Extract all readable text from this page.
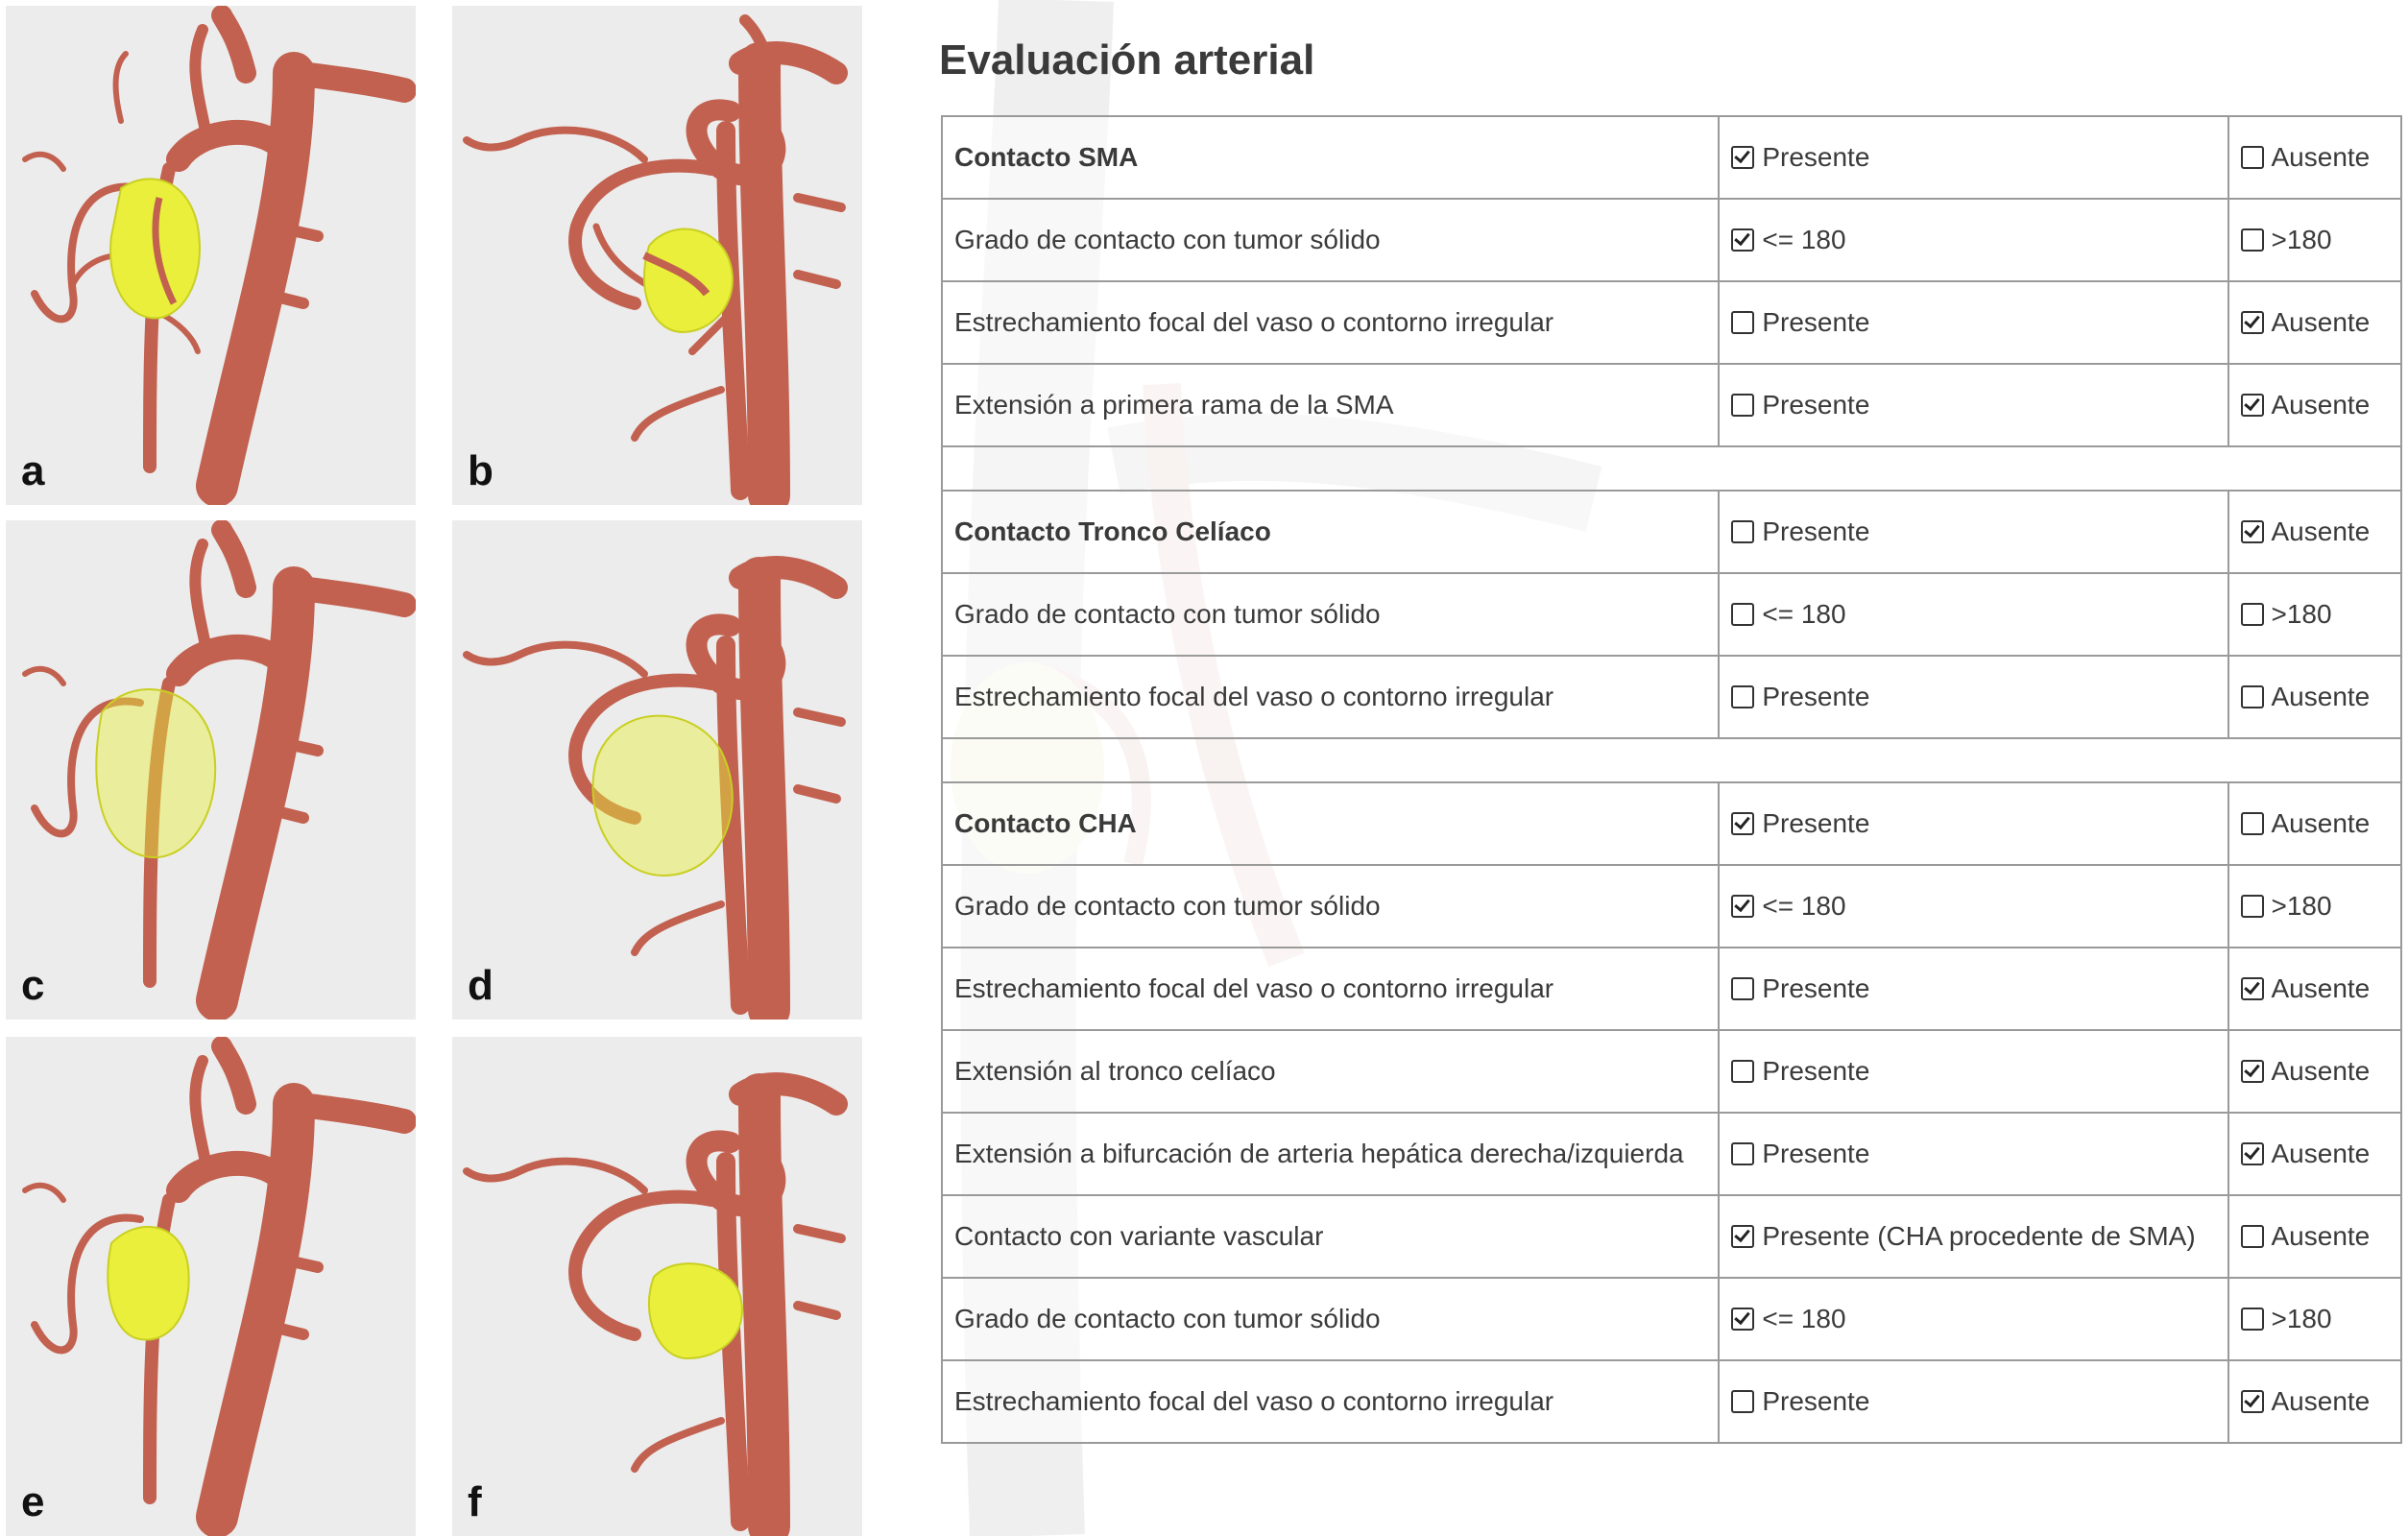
a	b
c	d
e	f
Evaluación arterial
Contacto SMA	Presente	Ausente
Grado de contacto con tumor sólido	<= 180	>180
Estrechamiento focal del vaso o contorno irregular	Presente	Ausente
Extensión a primera rama de la SMA	Presente	Ausente

Contacto Tronco Celíaco	Presente	Ausente
Grado de contacto con tumor sólido	<= 180	>180
Estrechamiento focal del vaso o contorno irregular	Presente	Ausente

Contacto CHA	Presente	Ausente
Grado de contacto con tumor sólido	<= 180	>180
Estrechamiento focal del vaso o contorno irregular	Presente	Ausente
Extensión al tronco celíaco	Presente	Ausente
Extensión a bifurcación de arteria hepática derecha/izquierda	Presente	Ausente
Contacto con variante vascular	Presente (CHA procedente de SMA)	Ausente
Grado de contacto con tumor sólido	<= 180	>180
Estrechamiento focal del vaso o contorno irregular	Presente	Ausente
